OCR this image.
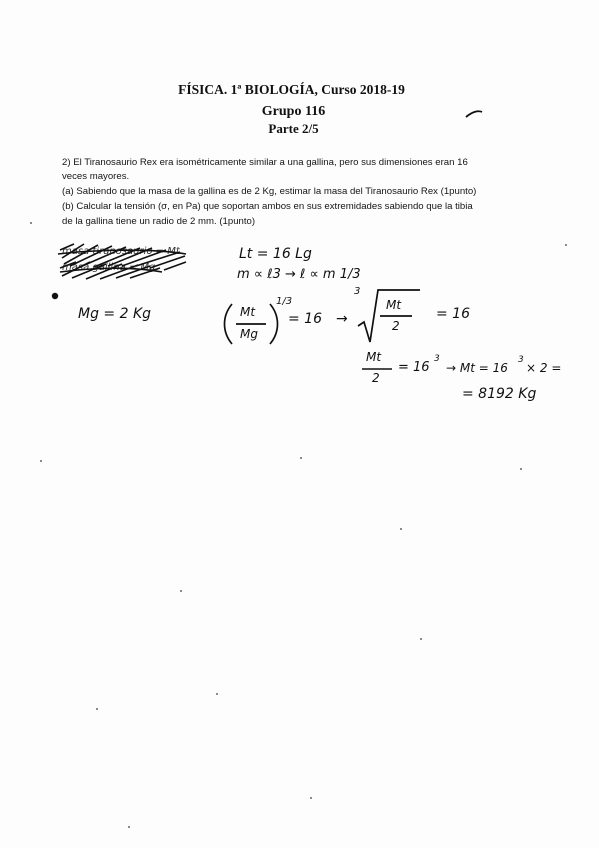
FÍSICA. 1ª BIOLOGÍA, Curso 2018-19
Grupo 116
Parte 2/5
2) El Tiranosaurio Rex era isométricamente similar a una gallina, pero sus dimensiones eran 16
veces mayores.
(a) Sabiendo que la masa de la gallina es de 2 Kg, estimar la masa del Tiranosaurio Rex (1punto)
(b) Calcular la tensión (σ, en Pa) que soportan ambos en sus extremidades sabiendo que la tibia
de la gallina tiene un radio de 2 mm. (1punto)
masa tiranosaurio = Mt
masa gallina = Mg
Lt = 16 Lg
m ∝ ℓ3 → ℓ ∝ m 1/3
Mg = 2 Kg	Mt
Mg
1/3
= 16 →
3
Mt
2
= 16
Mt
2
= 16
3
→ Mt = 16
3
× 2 =
= 8192 Kg
